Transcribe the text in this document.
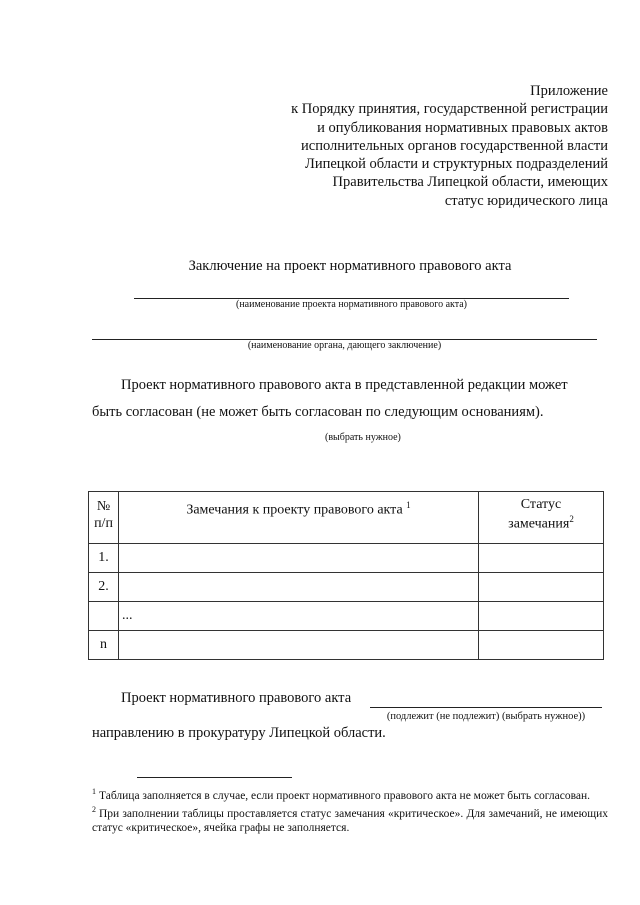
Приложение
к Порядку принятия, государственной регистрации
и опубликования нормативных правовых актов
исполнительных органов государственной власти
Липецкой области и структурных подразделений
Правительства Липецкой области, имеющих
статус юридического лица
Заключение на проект нормативного правового акта
(наименование проекта нормативного правового акта)
(наименование органа, дающего заключение)
Проект нормативного правового акта в представленной редакции может
быть согласован (не может быть согласован по следующим основаниям).
(выбрать нужное)
№
п/п	Замечания к проекту правового акта $^1$	Статус
замечания$^2$
1.		
2.		
	...	
n		
Проект нормативного правового акта
(подлежит (не подлежит) (выбрать нужное))
направлению в прокуратуру Липецкой области.

$^1$ Таблица заполняется в случае, если проект нормативного правового акта не может быть согласован.

$^2$ При заполнении таблицы проставляется статус замечания «критическое». Для замечаний, не имеющих статус «критическое», ячейка графы не заполняется.
